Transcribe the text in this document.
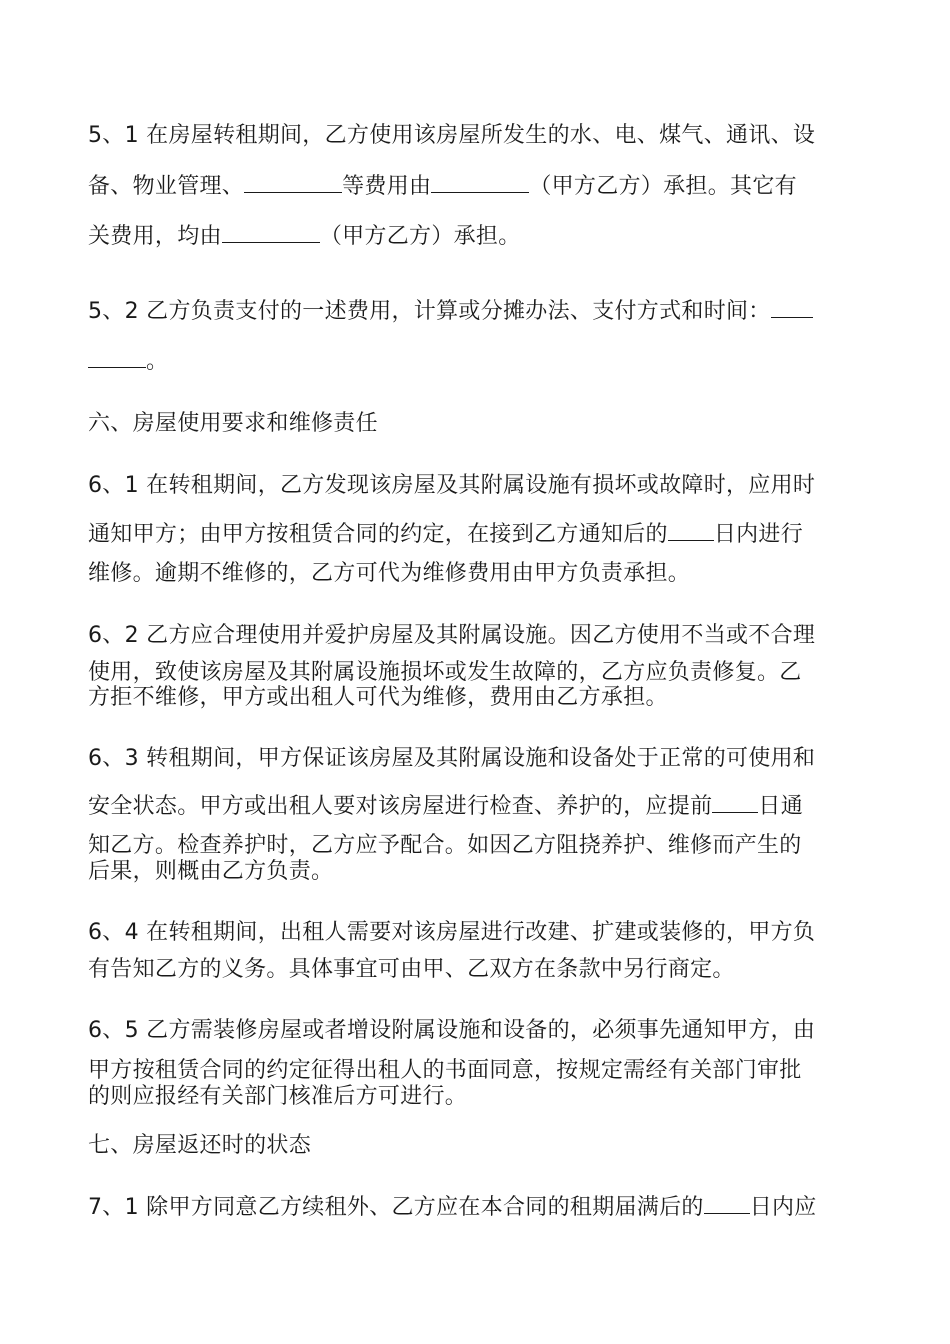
5、1 在房屋转租期间，乙方使用该房屋所发生的水、电、煤气、通讯、设
备、物业管理、	等费用由	（甲方乙方）承担。其它有
关费用，均由	（甲方乙方）承担。
5、2 乙方负责支付的一述费用，计算或分摊办法、支付方式和时间：
。
六、房屋使用要求和维修责任
6、1 在转租期间，乙方发现该房屋及其附属设施有损坏或故障时，应用时
通知甲方；由甲方按租赁合同的约定，在接到乙方通知后的 日内进行
维修。逾期不维修的，乙方可代为维修费用由甲方负责承担。
6、2 乙方应合理使用并爱护房屋及其附属设施。因乙方使用不当或不合理
使用，致使该房屋及其附属设施损坏或发生故障的，乙方应负责修复。乙
方拒不维修，甲方或出租人可代为维修，费用由乙方承担。
6、3 转租期间，甲方保证该房屋及其附属设施和设备处于正常的可使用和
安全状态。甲方或出租人要对该房屋进行检查、养护的，应提前 日通
知乙方。检查养护时，乙方应予配合。如因乙方阻挠养护、维修而产生的
后果，则概由乙方负责。
6、4 在转租期间，出租人需要对该房屋进行改建、扩建或装修的，甲方负
有告知乙方的义务。具体事宜可由甲、乙双方在条款中另行商定。
6、5 乙方需装修房屋或者增设附属设施和设备的，必须事先通知甲方，由
甲方按租赁合同的约定征得出租人的书面同意，按规定需经有关部门审批
的则应报经有关部门核准后方可进行。
七、房屋返还时的状态
7、1 除甲方同意乙方续租外、乙方应在本合同的租期届满后的 日内应
